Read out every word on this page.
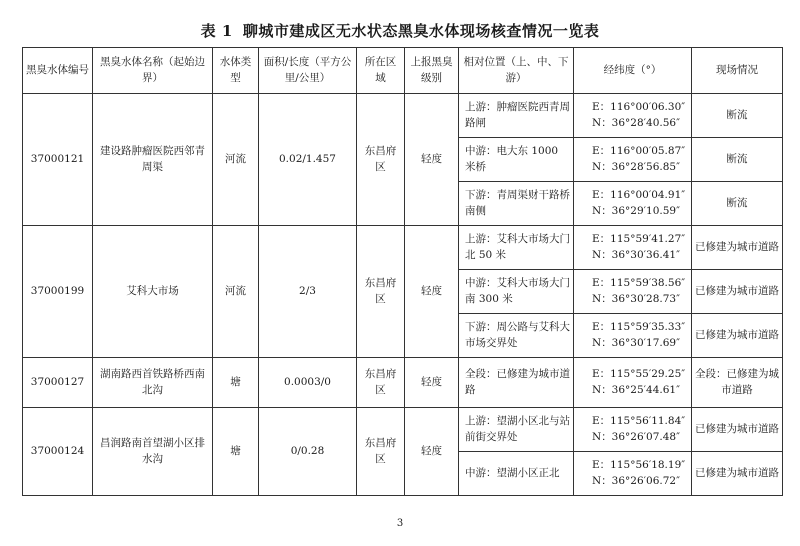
表 1 聊城市建成区无水状态黑臭水体现场核查情况一览表
黑臭水体编号	黑臭水体名称（起始边界）	水体类型	面积/长度（平方公里/公里）	所在区域	上报黑臭级别	相对位置（上、中、下游）	经纬度（°）	现场情况
37000121	建设路肿瘤医院西邻青周渠	河流	0.02/1.457	东昌府区	轻度	上游：肿瘤医院西青周路闸	E：116°00′06.30″
N：36°28′40.56″	断流
						中游：电大东 1000 米桥	E：116°00′05.87″
N：36°28′56.85″	断流
						下游：青周渠财干路桥南侧	E：116°00′04.91″
N：36°29′10.59″	断流
37000199	艾科大市场	河流	2/3	东昌府区	轻度	上游：艾科大市场大门北 50 米	E：115°59′41.27″
N：36°30′36.41″	已修建为城市道路
						中游：艾科大市场大门南 300 米	E：115°59′38.56″
N：36°30′28.73″	已修建为城市道路
						下游：周公路与艾科大市场交界处	E：115°59′35.33″
N：36°30′17.69″	已修建为城市道路
37000127	湖南路西首铁路桥西南北沟	塘	0.0003/0	东昌府区	轻度	全段：已修建为城市道路	E：115°55′29.25″
N：36°25′44.61″	全段：已修建为城市道路
37000124	昌润路南首望湖小区排水沟	塘	0/0.28	东昌府区	轻度	上游：望湖小区北与站前街交界处	E：115°56′11.84″
N：36°26′07.48″	已修建为城市道路
						中游：望湖小区正北	E：115°56′18.19″
N：36°26′06.72″	已修建为城市道路
3
